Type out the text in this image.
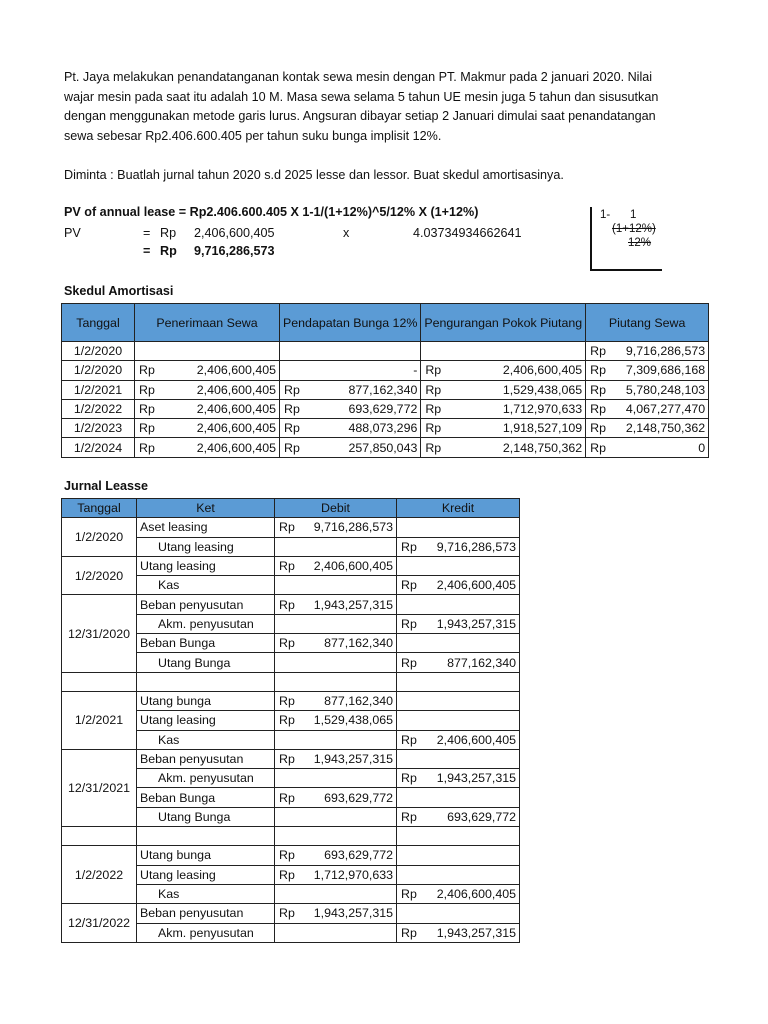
Pt. Jaya melakukan penandatanganan kontak sewa mesin dengan PT. Makmur pada 2 januari 2020. Nilai wajar mesin pada saat itu adalah 10 M. Masa sewa selama 5 tahun UE mesin juga 5 tahun dan sisusutkan dengan menggunakan metode garis lurus. Angsuran dibayar setiap 2 Januari dimulai saat penandatangan sewa sebesar Rp2.406.600.405 per tahun suku bunga implisit 12%.
Diminta : Buatlah jurnal tahun 2020 s.d 2025 lesse dan lessor. Buat skedul amortisasinya.
PV of annual lease = Rp2.406.600.405 X 1-1/(1+12%)^5/12% X (1+12%)
PV	= Rp 2,406,600,405	x	4.03734934662641
= Rp 9,716,286,573
1- 1
(1+12%)
12%
Skedul Amortisasi
Tanggal	Penerimaan Sewa		Pendapatan Bunga 12%		Pengurangan Pokok Piutang		Piutang Sewa	
1/2/2020							Rp	9,716,286,573
1/2/2020	Rp	2,406,600,405		-	Rp	2,406,600,405	Rp	7,309,686,168
1/2/2021	Rp	2,406,600,405	Rp	877,162,340	Rp	1,529,438,065	Rp	5,780,248,103
1/2/2022	Rp	2,406,600,405	Rp	693,629,772	Rp	1,712,970,633	Rp	4,067,277,470
1/2/2023	Rp	2,406,600,405	Rp	488,073,296	Rp	1,918,527,109	Rp	2,148,750,362
1/2/2024	Rp	2,406,600,405	Rp	257,850,043	Rp	2,148,750,362	Rp	0
Jurnal Leasse
Tanggal	Ket	Debit		Kredit	
1/2/2020	Aset leasing	Rp	9,716,286,573		
	Utang leasing			Rp	9,716,286,573
1/2/2020	Utang leasing	Rp	2,406,600,405		
	Kas			Rp	2,406,600,405
12/31/2020	Beban penyusutan	Rp	1,943,257,315		
	Akm. penyusutan			Rp	1,943,257,315
	Beban Bunga	Rp	877,162,340		
	Utang Bunga			Rp	877,162,340

1/2/2021	Utang bunga	Rp	877,162,340		
	Utang leasing	Rp	1,529,438,065		
	Kas			Rp	2,406,600,405
12/31/2021	Beban penyusutan	Rp	1,943,257,315		
	Akm. penyusutan			Rp	1,943,257,315
	Beban Bunga	Rp	693,629,772		
	Utang Bunga			Rp	693,629,772

1/2/2022	Utang bunga	Rp	693,629,772		
	Utang leasing	Rp	1,712,970,633		
	Kas			Rp	2,406,600,405
12/31/2022	Beban penyusutan	Rp	1,943,257,315		
	Akm. penyusutan			Rp	1,943,257,315
